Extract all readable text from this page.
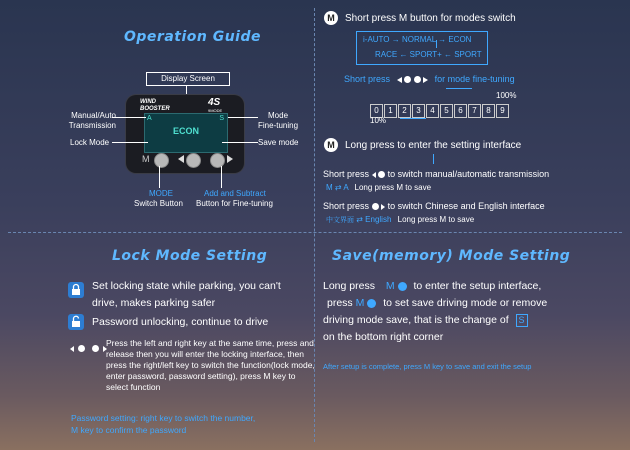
Operation Guide
Display Screen
WIND
BOOSTER
4S
9MODE
A	S
ECON
M
Manual/Auto
Transmission
Lock Mode
Mode
Fine-tuning
Save mode
MODE
Switch Button
Add and Subtract
Button for Fine-tuning
M	Short press M button for modes switch
i-AUTO → NORMAL → ECON
RACE ← SPORT+ ← SPORT
Short press	for mode fine-tuning
100%
0 1 2 3 4 5 6 7 8 9
10%
M	Long press to enter the setting interface
Short press to switch manual/automatic transmission
M ⇄ A Long press M to save
Short press to switch Chinese and English interface
中文界面 ⇄ English Long press M to save
Lock Mode Setting
Set locking state while parking, you can't drive, makes parking safer
Password unlocking, continue to drive

Press the left and right key at the same time, press and release then you will enter the locking interface, then press the right/left key to switch the function(lock mode, enter password, password setting), press M key to select function
Password setting: right key to switch the number,
M key to confirm the password
Save(memory) Mode Setting
Long press M to enter the setup interface,
press M to set save driving mode or remove
driving mode save, that is the change of S
on the bottom right corner
After setup is complete, press M key to save and exit the setup
